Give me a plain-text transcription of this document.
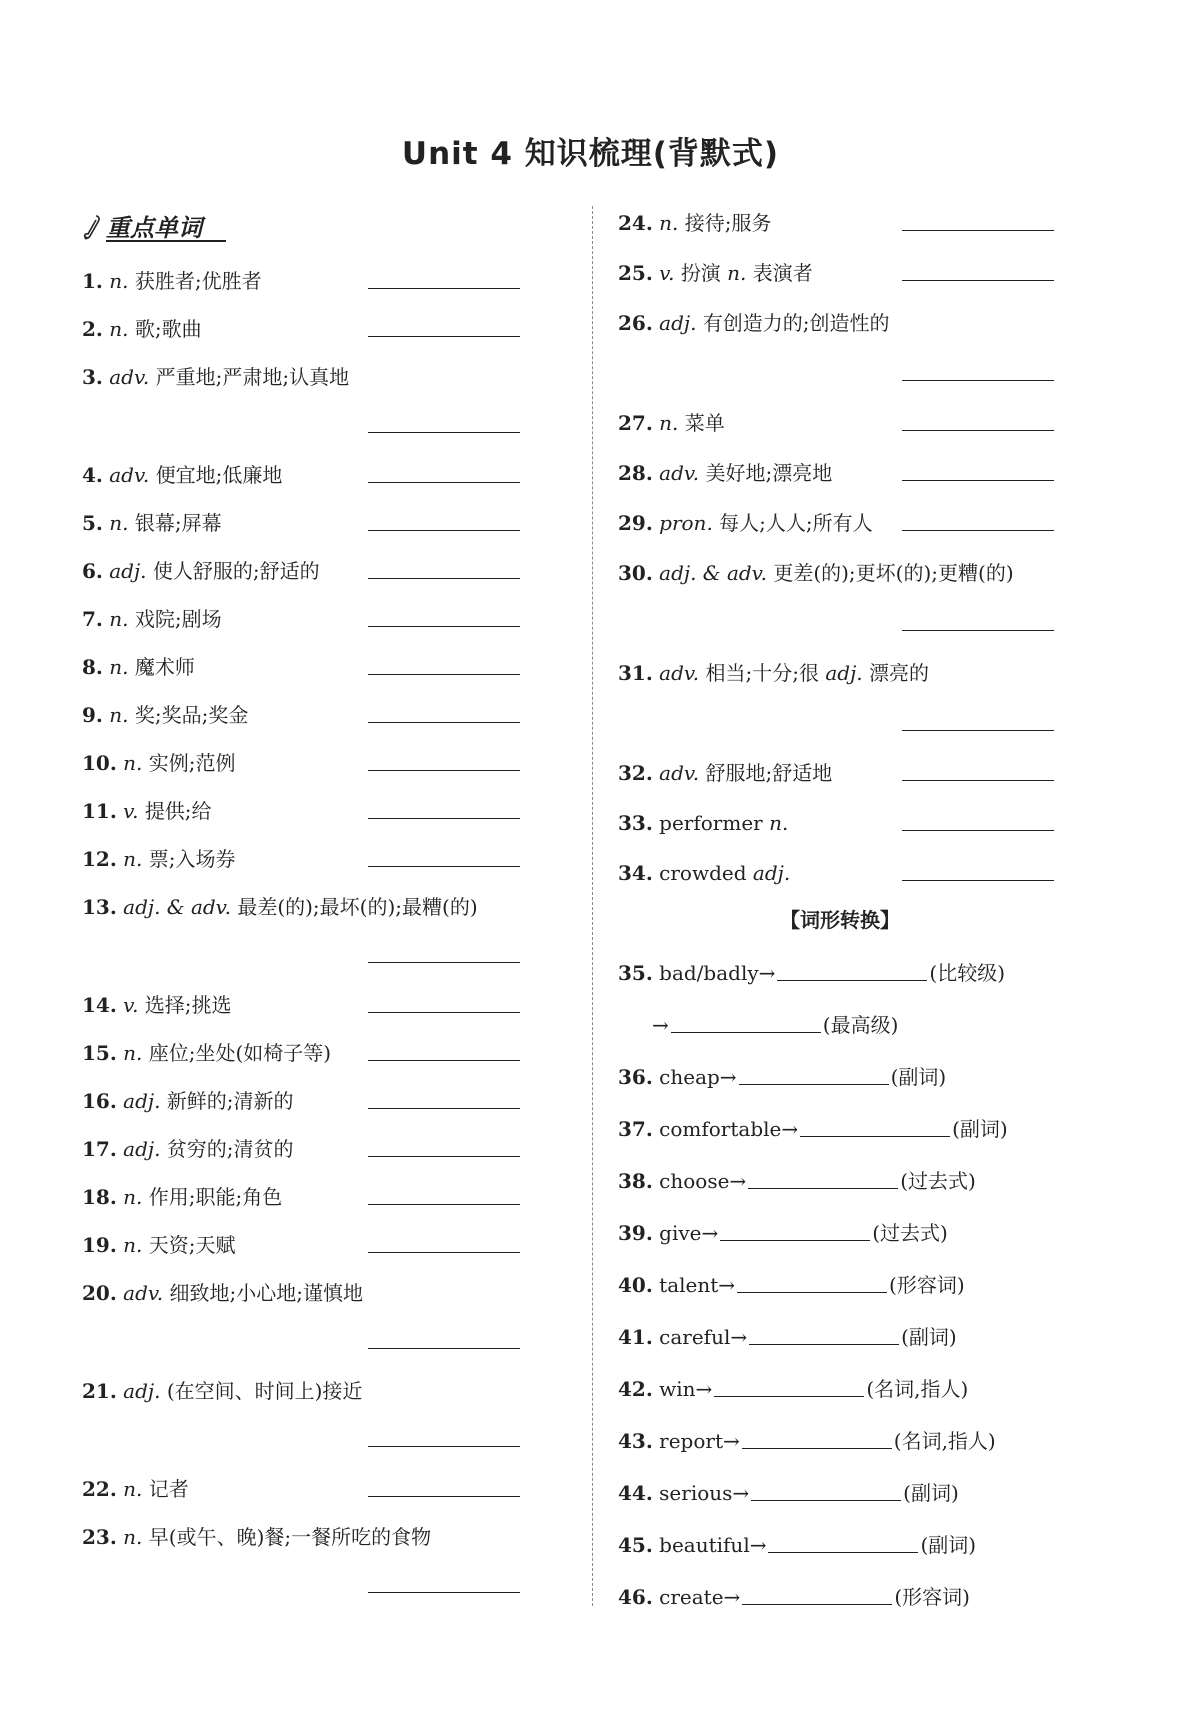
Unit 4 知识梳理(背默式)
重点单词
1. n. 获胜者;优胜者
2. n. 歌;歌曲
3. adv. 严重地;严肃地;认真地
4. adv. 便宜地;低廉地
5. n. 银幕;屏幕
6. adj. 使人舒服的;舒适的
7. n. 戏院;剧场
8. n. 魔术师
9. n. 奖;奖品;奖金
10. n. 实例;范例
11. v. 提供;给
12. n. 票;入场券
13. adj. & adv. 最差(的);最坏(的);最糟(的)
14. v. 选择;挑选
15. n. 座位;坐处(如椅子等)
16. adj. 新鲜的;清新的
17. adj. 贫穷的;清贫的
18. n. 作用;职能;角色
19. n. 天资;天赋
20. adv. 细致地;小心地;谨慎地
21. adj. (在空间、时间上)接近
22. n. 记者
23. n. 早(或午、晚)餐;一餐所吃的食物
24. n. 接待;服务
25. v. 扮演 n. 表演者
26. adj. 有创造力的;创造性的
27. n. 菜单
28. adv. 美好地;漂亮地
29. pron. 每人;人人;所有人
30. adj. & adv. 更差(的);更坏(的);更糟(的)
31. adv. 相当;十分;很 adj. 漂亮的
32. adv. 舒服地;舒适地
33. performer n.
34. crowded adj.
【词形转换】
35. bad/badly→	(比较级)
→	(最高级)
36. cheap→	(副词)
37. comfortable→	(副词)
38. choose→	(过去式)
39. give→	(过去式)
40. talent→	(形容词)
41. careful→	(副词)
42. win→	(名词,指人)
43. report→	(名词,指人)
44. serious→	(副词)
45. beautiful→	(副词)
46. create→	(形容词)
